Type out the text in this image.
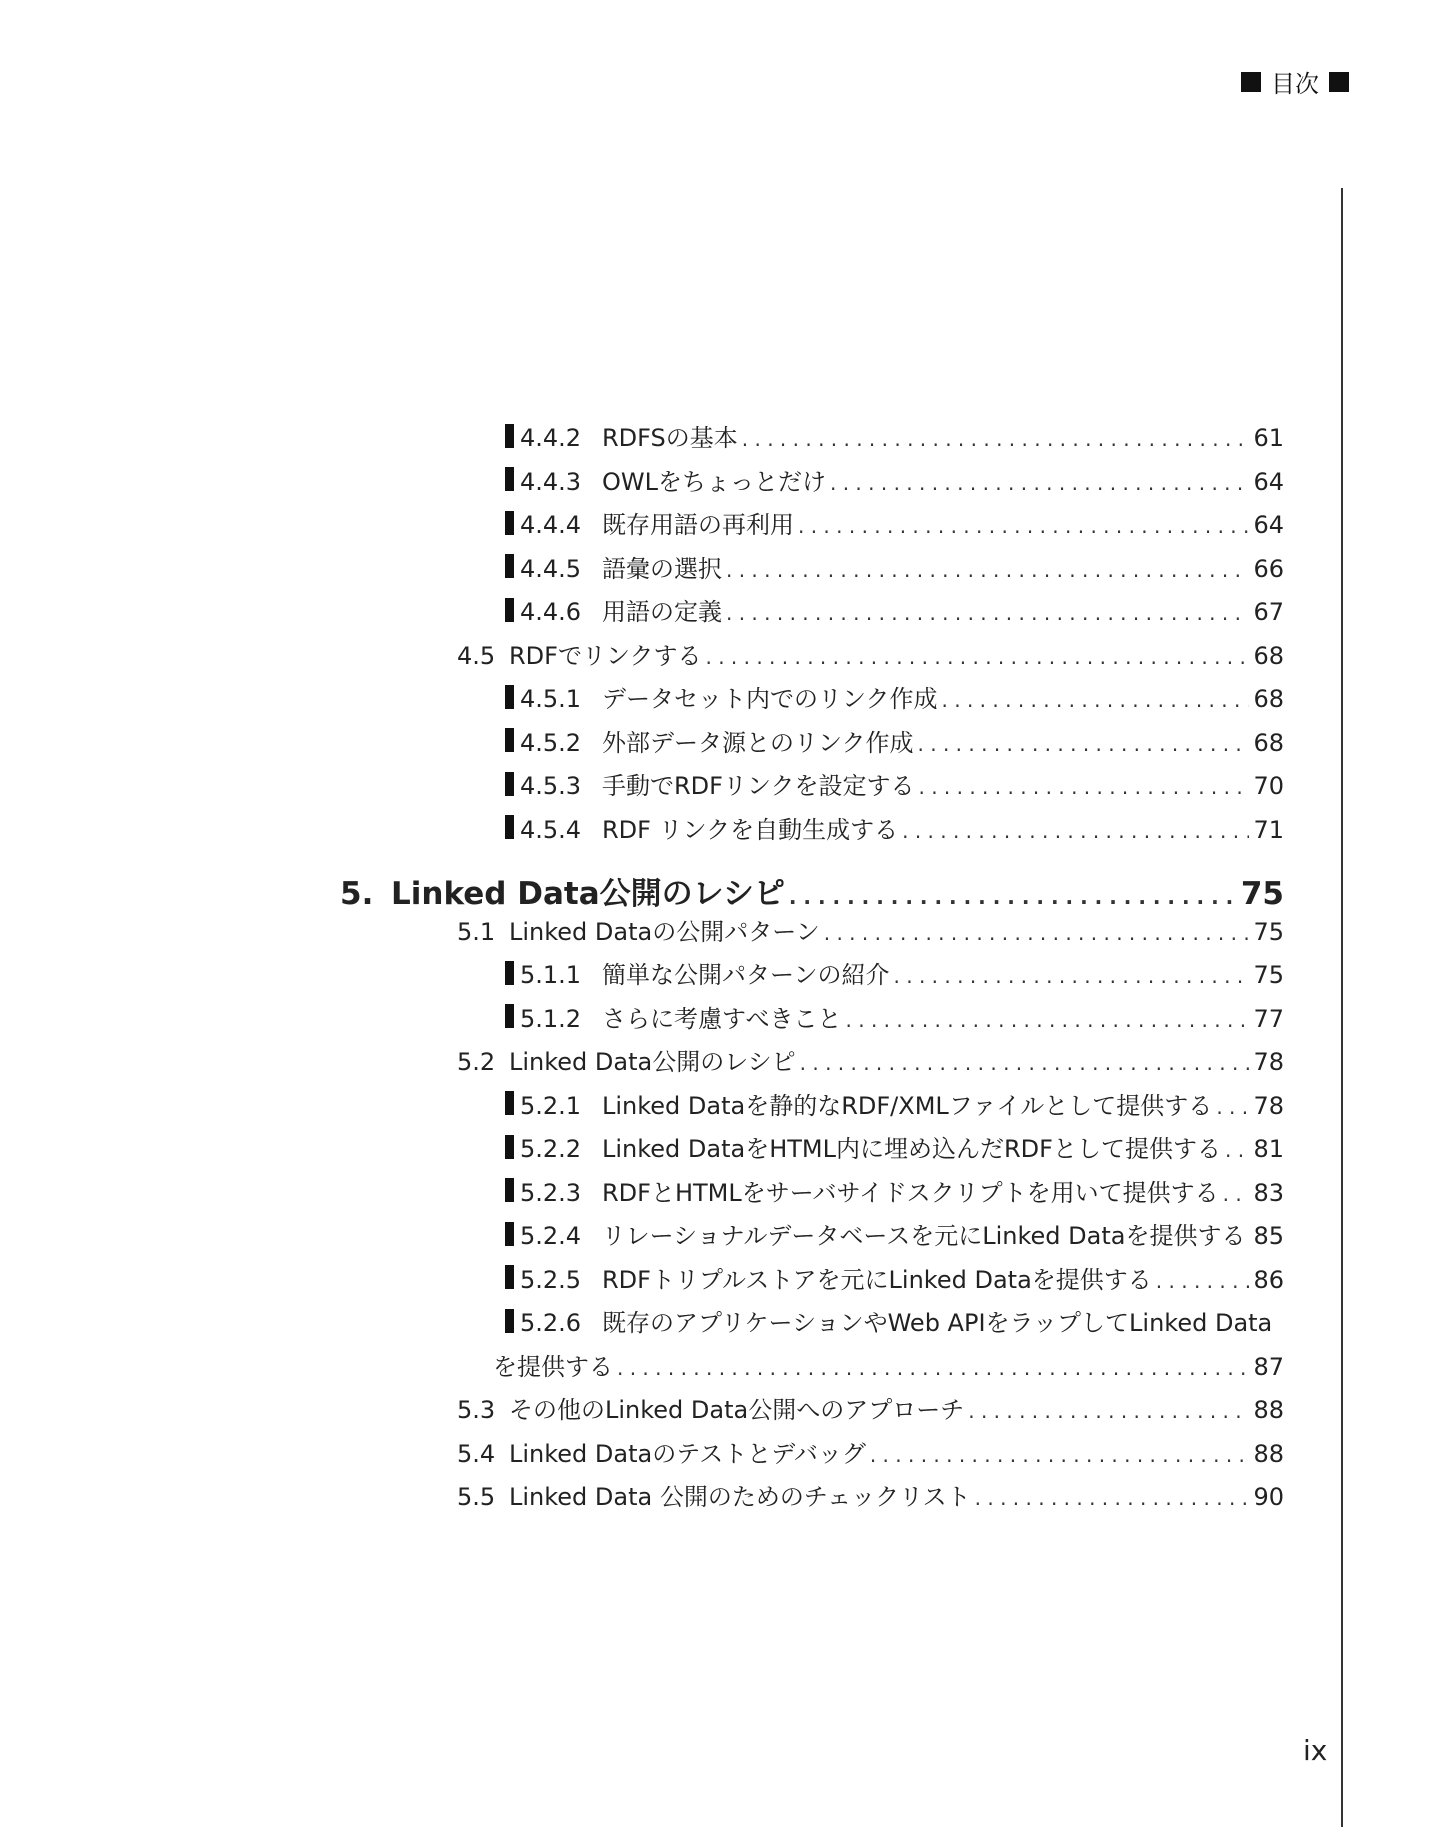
目次
4.4.2 RDFSの基本 . . .	61
4.4.3 OWLをちょっとだけ . . .	64
4.4.4 既存用語の再利用 . . .	64
4.4.5 語彙の選択 . . .	66
4.4.6 用語の定義 . . .	67
4.5 RDFでリンクする . . .	68
4.5.1 データセット内でのリンク作成 . . .	68
4.5.2 外部データ源とのリンク作成 . . .	68
4.5.3 手動でRDFリンクを設定する . . .	70
4.5.4 RDF リンクを自動生成する . . .	71
5. Linked Data公開のレシピ . . .	75
5.1 Linked Dataの公開パターン . . .	75
5.1.1 簡単な公開パターンの紹介 . . .	75
5.1.2 さらに考慮すべきこと . . .	77
5.2 Linked Data公開のレシピ . . .	78
5.2.1 Linked Dataを静的なRDF/XMLファイルとして提供する . . . 78
5.2.2 Linked DataをHTML内に埋め込んだRDFとして提供する . . . 81
5.2.3 RDFとHTMLをサーバサイドスクリプトを用いて提供する . . . 83
5.2.4 リレーショナルデータベースを元にLinked Dataを提供する 85
5.2.5 RDFトリプルストアを元にLinked Dataを提供する . . .	86
5.2.6 既存のアプリケーションやWeb APIをラップしてLinked Data
を提供する . . .	87
5.3 その他のLinked Data公開へのアプローチ . . .	88
5.4 Linked Dataのテストとデバッグ . . .	88
5.5 Linked Data 公開のためのチェックリスト . . .	90
ix
